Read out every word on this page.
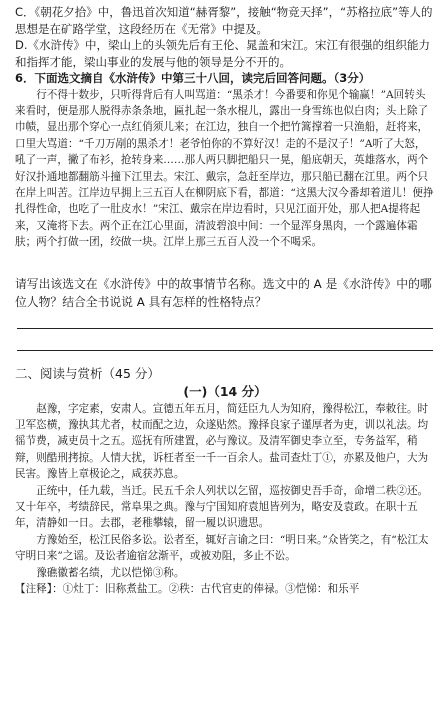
C．《朝花夕拾》中，鲁迅首次知道“赫胥黎”，接触“物竞天择”，“苏格拉底”等人的思想是在矿路学堂，这段经历在《无常》中提及。

D.《水浒传》中，梁山上的头领先后有王伦、晁盖和宋江。宋江有很强的组织能力和指挥才能，梁山事业的发展与他的领导是分不开的。

6．下面选文摘自《水浒传》中第三十八回，读完后回答问题。（3分）

行不得十数步，只听得背后有人叫骂道：“黑杀才！今番要和你见个输赢！”A回转头来看时，便是那人脱得赤条条地，匾扎起一条水棍儿，露出一身雪练也似白肉；头上除了巾帻，显出那个穿心一点红俏须儿来；在江边，独自一个把竹篙撑着一只渔船，赶将来，口里大骂道：“千刀万剐的黑杀才！老爷怕你的不算好汉！走的不是汉子！”A听了大怒，吼了一声，撇了布衫，抢转身来……那人两只脚把船只一晃，船底朝天，英雄落水，两个好汉扑通地都翻筋斗撞下江里去。宋江、戴宗，急赶至岸边，那只船已翻在江里。两个只在岸上叫苦。江岸边早拥上三五百人在柳阴底下看，都道：“这黑大汉今番却着道儿！便挣扎得性命，也吃了一肚皮水！”宋江、戴宗在岸边看时，只见江面开处，那人把A提将起来，又淹将下去。两个正在江心里面，清波碧浪中间：一个显浑身黑肉，一个露遍体霜肤；两个打做一团，绞做一块。江岸上那三五百人没一个不喝采。

请写出该选文在《水浒传》中的故事情节名称。选文中的 A 是《水浒传》中的哪位人物？结合全书说说 A 具有怎样的性格特点？

二、阅读与赏析（45 分）
(一)（14 分）

赵豫，字定素，安肃人。宣德五年五月，简廷臣九人为知府，豫得松江，奉敕往。时卫军恣横，豫执其尤者，杖而配之边，众遂贴然。豫择良家子谨厚者为吏，训以礼法。均徭节费，减吏员十之五。巡抚有所建置，必与豫议。及清军御史李立至，专务益军，稍辩，则酷刑拷掠。人情大扰，诉枉者至一千一百余人。盐司查灶丁①，亦累及他户，大为民害。豫皆上章极论之，咸获苏息。

正统中，任九载，当迁。民五千余人列状以乞留，巡按御史吾手奇，命增二秩②还。又十年卒，考绩辞民，常阜果之典。豫与宁国知府袁旭皆列为，略安及袁政。在职十五年，清静如一日。去郡，老稚攀辕，留一履以识遗思。

方豫始至，松江民俗多讼。讼者至，辄好言谕之曰：“明日来。”众皆笑之，有“松江太守明日来”之谣。及讼者逾宿忿渐平，或被劝阻，多止不讼。

豫礁徽蓄名绩，尤以恺悌③称。

【注释】：①灶丁：旧称煮盐工。②秩：古代官吏的俸禄。③恺悌：和乐平
